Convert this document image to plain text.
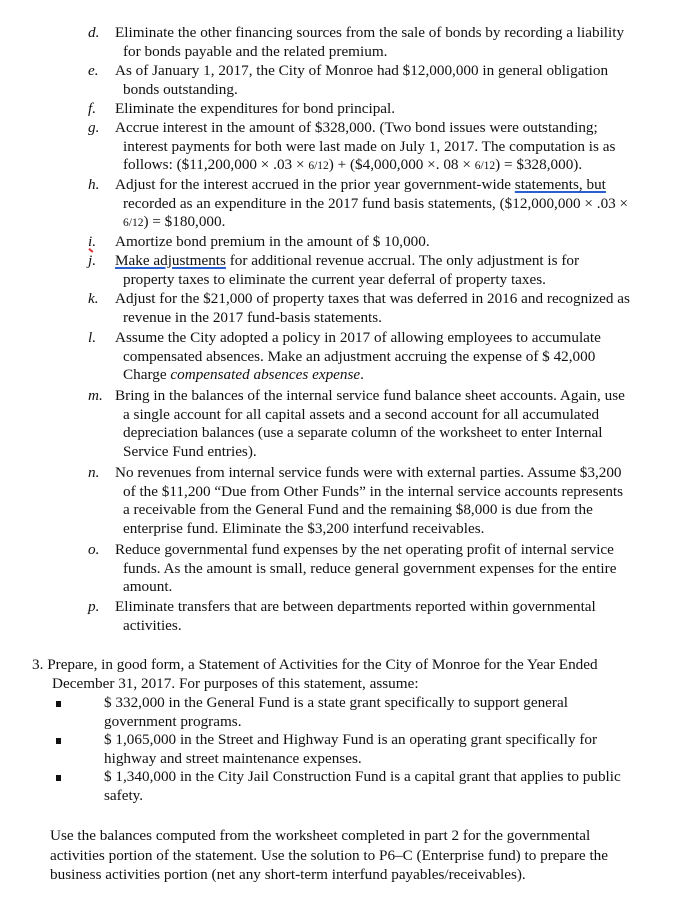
d.	Eliminate the other financing sources from the sale of bonds by recording a liability
for bonds payable and the related premium.
e.	As of January 1, 2017, the City of Monroe had $12,000,000 in general obligation
bonds outstanding.
f.	Eliminate the expenditures for bond principal.
g.	Accrue interest in the amount of $328,000. (Two bond issues were outstanding;
interest payments for both were last made on July 1, 2017. The computation is as
follows: ($11,200,000 × .03 × 6/12) + ($4,000,000 ×. 08 × 6/12) = $328,000).
h.	Adjust for the interest accrued in the prior year government-wide statements, but
recorded as an expenditure in the 2017 fund basis statements, ($12,000,000 × .03 ×
6/12) = $180,000.
i.	Amortize bond premium in the amount of $ 10,000.
j.	Make adjustments for additional revenue accrual. The only adjustment is for
property taxes to eliminate the current year deferral of property taxes.
k.	Adjust for the $21,000 of property taxes that was deferred in 2016 and recognized as
revenue in the 2017 fund-basis statements.
l.	Assume the City adopted a policy in 2017 of allowing employees to accumulate
compensated absences. Make an adjustment accruing the expense of $ 42,000
Charge compensated absences expense.
m. Bring in the balances of the internal service fund balance sheet accounts. Again, use
a single account for all capital assets and a second account for all accumulated
depreciation balances (use a separate column of the worksheet to enter Internal
Service Fund entries).
n.	No revenues from internal service funds were with external parties. Assume $3,200
of the $11,200 “Due from Other Funds” in the internal service accounts represents
a receivable from the General Fund and the remaining $8,000 is due from the
enterprise fund. Eliminate the $3,200 interfund receivables.
o.	Reduce governmental fund expenses by the net operating profit of internal service
funds. As the amount is small, reduce general government expenses for the entire
amount.
p.	Eliminate transfers that are between departments reported within governmental
activities.
3. Prepare, in good form, a Statement of Activities for the City of Monroe for the Year Ended
December 31, 2017. For purposes of this statement, assume:
$ 332,000 in the General Fund is a state grant specifically to support general
government programs.
$ 1,065,000 in the Street and Highway Fund is an operating grant specifically for
highway and street maintenance expenses.
$ 1,340,000 in the City Jail Construction Fund is a capital grant that applies to public
safety.
Use the balances computed from the worksheet completed in part 2 for the governmental
activities portion of the statement. Use the solution to P6–C (Enterprise fund) to prepare the
business activities portion (net any short-term interfund payables/receivables).
